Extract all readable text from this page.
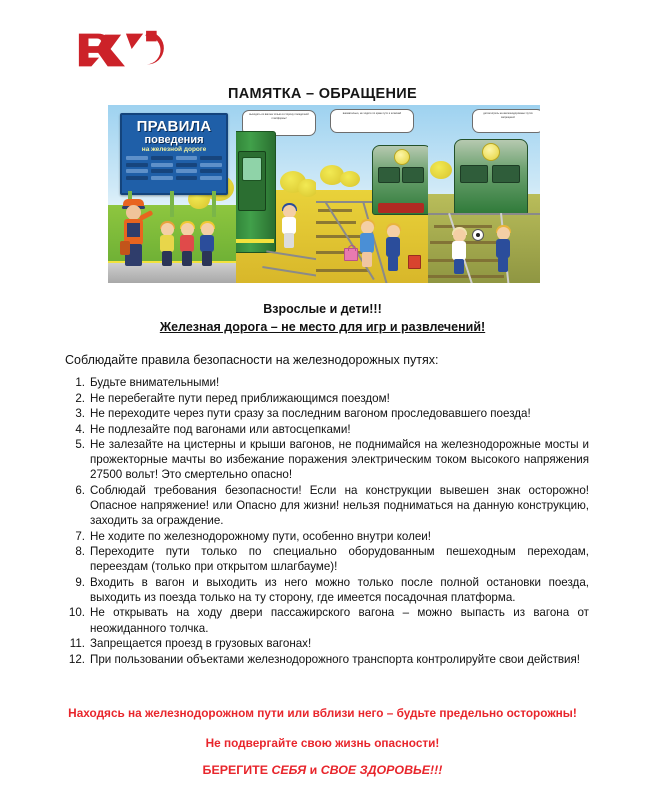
ПАМЯТКА – ОБРАЩЕНИЕ
ПРАВИЛА
поведения
на железной дороге
выходить из вагона только в сторону посадочной платформы!
внимательно, не ходите по краю пути и шпалам!	детям играть на железнодорожных путях запрещено!
Взрослые и дети!!!
Железная дорога – не место для игр и развлечений!
Соблюдайте правила безопасности на железнодорожных путях:
1. Будьте внимательными!
2. Не перебегайте пути перед приближающимся поездом!
3. Не переходите через пути сразу за последним вагоном проследовавшего поезда!
4. Не подлезайте под вагонами или автосцепками!
5. Не залезайте на цистерны и крыши вагонов, не поднимайся на железнодорожные мосты и прожекторные мачты во избежание поражения электрическим током высокого напряжения 27500 вольт! Это смертельно опасно!
6. Соблюдай требования безопасности! Если на конструкции вывешен знак осторожно! Опасное напряжение! или Опасно для жизни! нельзя подниматься на данную конструкцию, заходить за ограждение.
7. Не ходите по железнодорожному пути, особенно внутри колеи!
8. Переходите пути только по специально оборудованным пешеходным переходам, переездам (только при открытом шлагбауме)!
9. Входить в вагон и выходить из него можно только после полной остановки поезда, выходить из поезда только на ту сторону, где имеется посадочная платформа.
10. Не открывать на ходу двери пассажирского вагона – можно выпасть из вагона от неожиданного толчка.
11. Запрещается проезд в грузовых вагонах!
12. При пользовании объектами железнодорожного транспорта контролируйте свои действия!
Находясь на железнодорожном пути или вблизи него – будьте предельно осторожны!
Не подвергайте свою жизнь опасности!
БЕРЕГИТЕ СЕБЯ и СВОЕ ЗДОРОВЬЕ!!!
